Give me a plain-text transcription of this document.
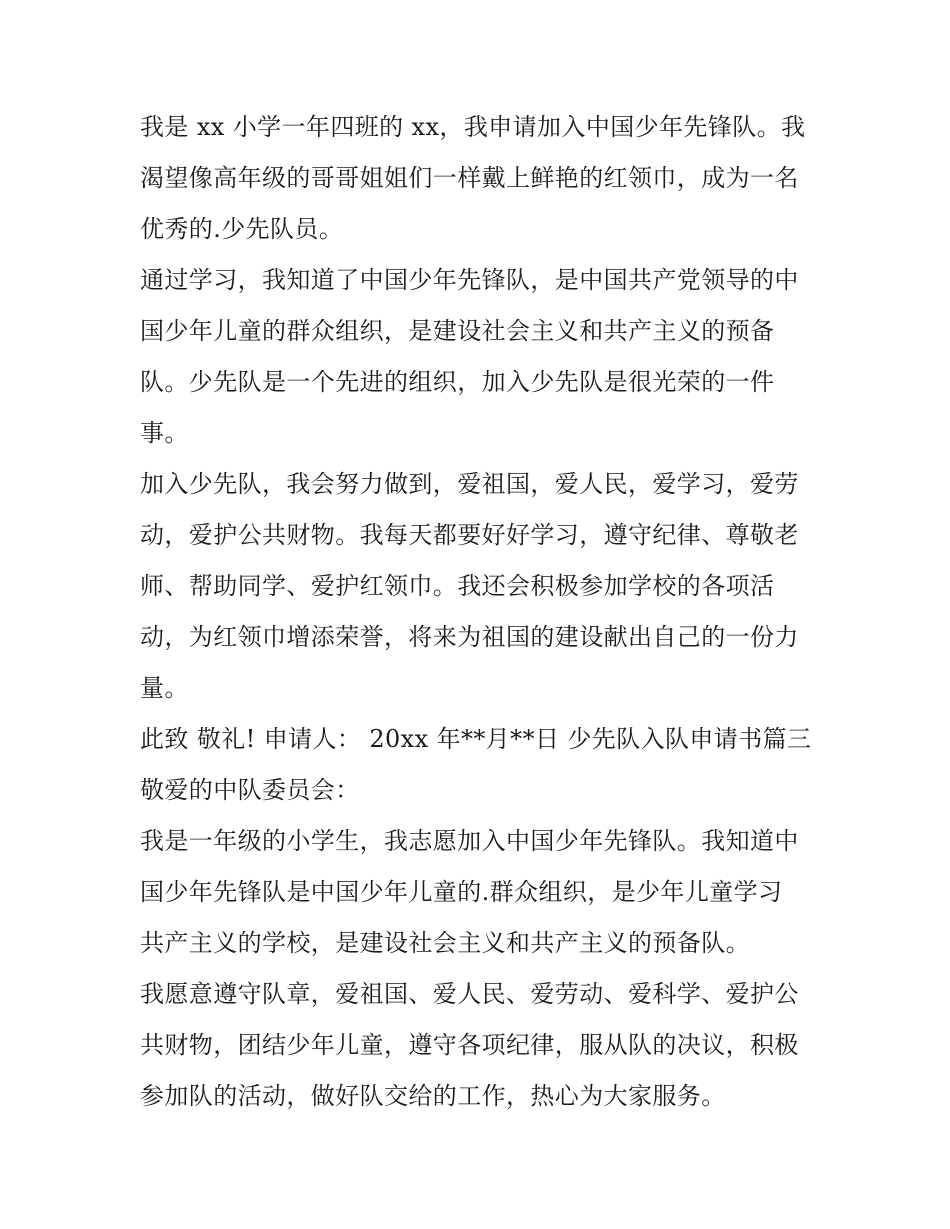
我是 xx 小学一年四班的 xx，我申请加入中国少年先锋队。我
渴望像高年级的哥哥姐姐们一样戴上鲜艳的红领巾，成为一名
优秀的.少先队员。
通过学习，我知道了中国少年先锋队，是中国共产党领导的中
国少年儿童的群众组织，是建设社会主义和共产主义的预备
队。少先队是一个先进的组织，加入少先队是很光荣的一件
事。
加入少先队，我会努力做到，爱祖国，爱人民，爱学习，爱劳
动，爱护公共财物。我每天都要好好学习，遵守纪律、尊敬老
师、帮助同学、爱护红领巾。我还会积极参加学校的各项活
动，为红领巾增添荣誉，将来为祖国的建设献出自己的一份力
量。
此致 敬礼! 申请人： 20xx 年**月**日 少先队入队申请书篇三
敬爱的中队委员会：
我是一年级的小学生，我志愿加入中国少年先锋队。我知道中
国少年先锋队是中国少年儿童的.群众组织，是少年儿童学习
共产主义的学校，是建设社会主义和共产主义的预备队。
我愿意遵守队章，爱祖国、爱人民、爱劳动、爱科学、爱护公
共财物，团结少年儿童，遵守各项纪律，服从队的决议，积极
参加队的活动，做好队交给的工作，热心为大家服务。
